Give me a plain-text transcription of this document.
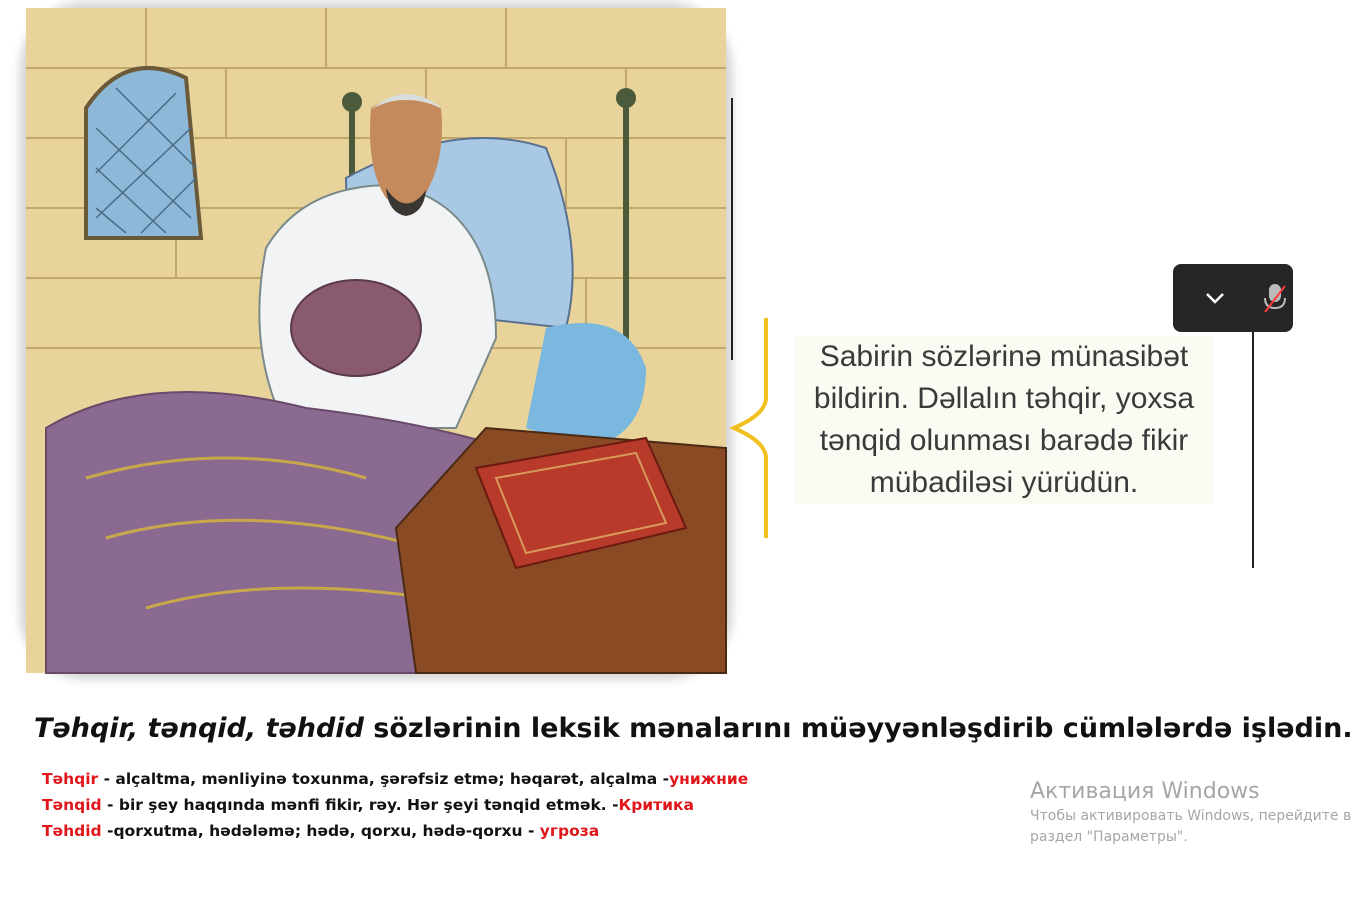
Sabirin sözlərinə münasibət bildirin. Dəllalın təhqir, yoxsa tənqid olunması barədə fikir mübadiləsi yürüdün.
Təhqir, tənqid, təhdid sözlərinin leksik mənalarını müəyyənləşdirib cümlələrdə işlədin.
Təhqir - alçaltma, mənliyinə toxunma, şərəfsiz etmə; həqarət, alçalma -унижние
Tənqid - bir şey haqqında mənfi fikir, rəy. Hər şeyi tənqid etmək. -Критика
Təhdid -qorxutma, hədələmə; hədə, qorxu, hədə-qorxu - угроза
Активация Windows
Чтобы активировать Windows, перейдите в
раздел "Параметры".
